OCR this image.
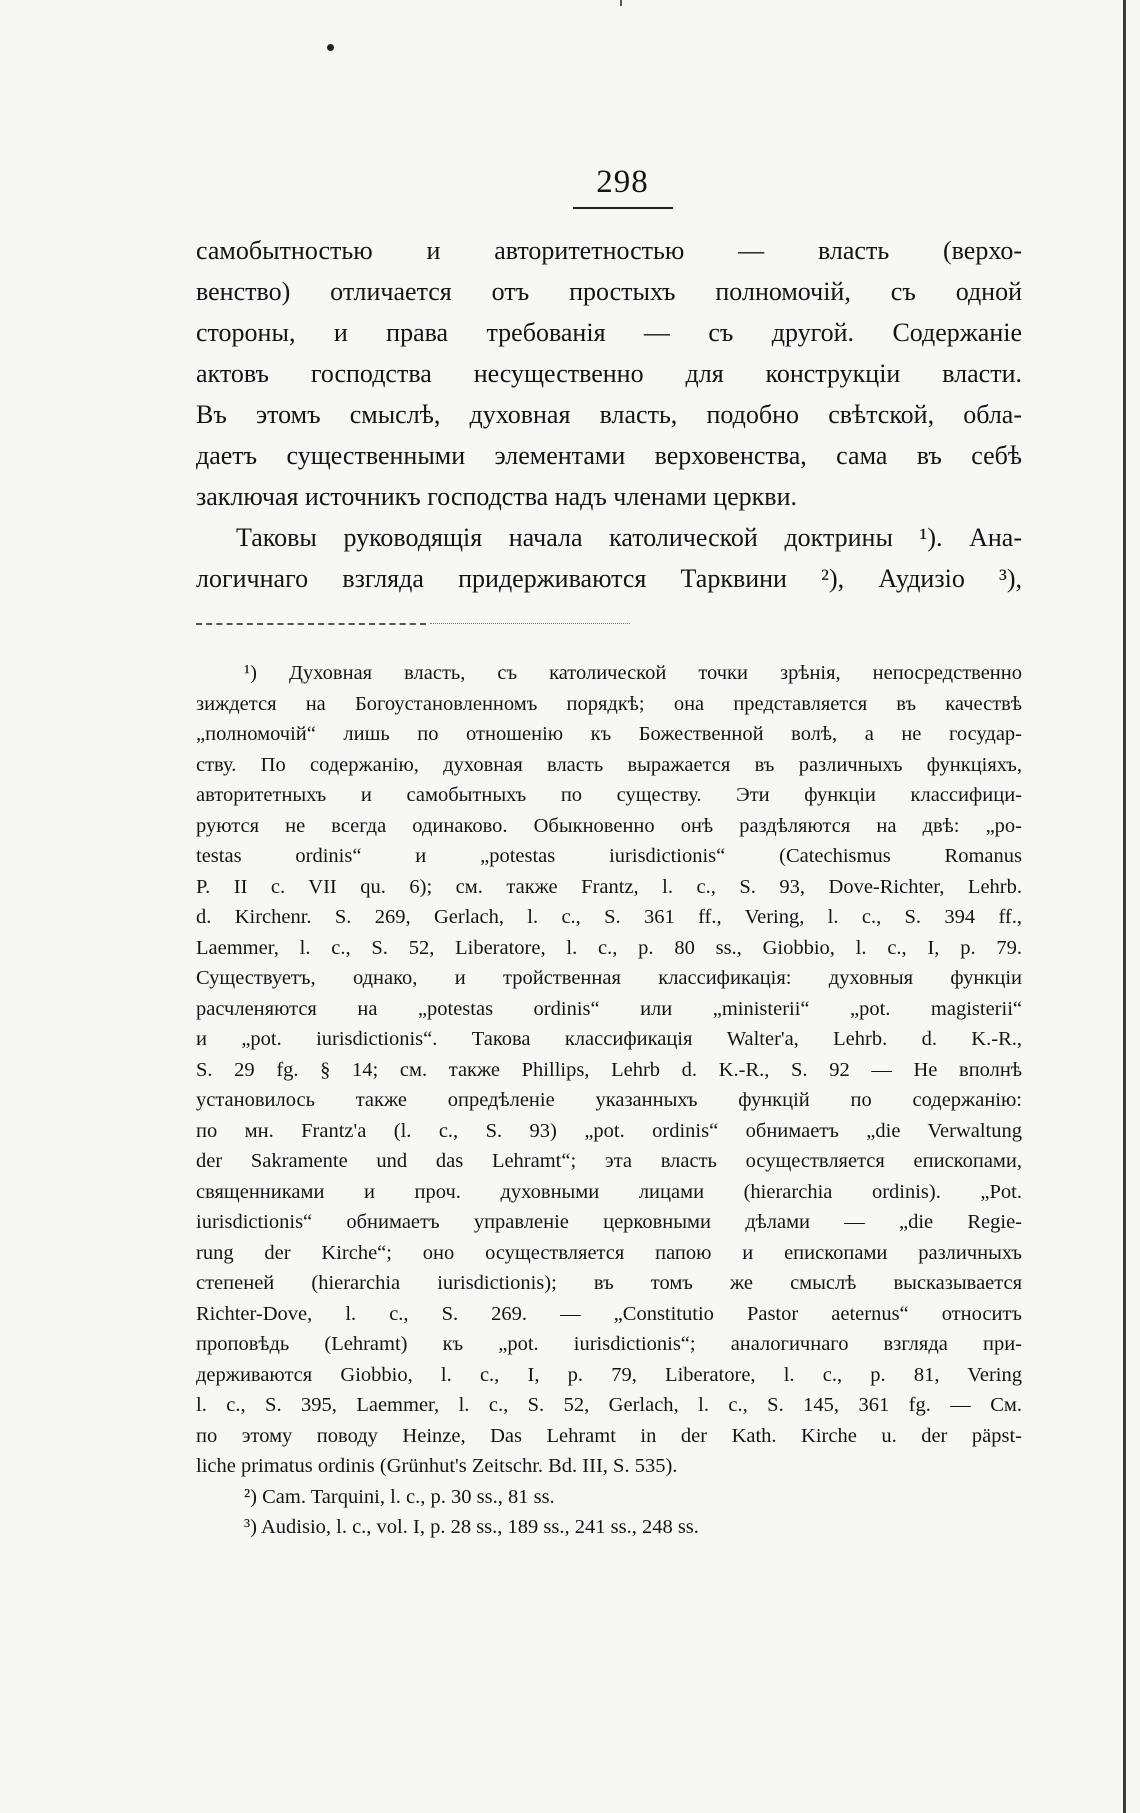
298
самобытностью и авторитетностью — власть (верхо-
венство) отличается отъ простыхъ полномочій, съ одной
стороны, и права требованія — съ другой. Содержаніе
актовъ господства несущественно для конструкціи власти.
Въ этомъ смыслѣ, духовная власть, подобно свѣтской, обла-
даетъ существенными элементами верховенства, сама въ себѣ
заключая источникъ господства надъ членами церкви.
Таковы руководящія начала католической доктрины ¹). Ана-
логичнаго взгляда придерживаются Тарквини ²), Аудизіо ³),
¹) Духовная власть, съ католической точки зрѣнія, непосредственно
зиждется на Богоустановленномъ порядкѣ; она представляется въ качествѣ
„полномочій“ лишь по отношенію къ Божественной волѣ, а не государ-
ству. По содержанію, духовная власть выражается въ различныхъ функціяхъ,
авторитетныхъ и самобытныхъ по существу. Эти функціи классифици-
руются не всегда одинаково. Обыкновенно онѣ раздѣляются на двѣ: „po-
testas ordinis“ и „potestas iurisdictionis“ (Catechismus Romanus
P. II c. VII qu. 6); см. также Frantz, l. c., S. 93, Dove-Richter, Lehrb.
d. Kirchenr. S. 269, Gerlach, l. c., S. 361 ff., Vering, l. c., S. 394 ff.,
Laemmer, l. c., S. 52, Liberatore, l. c., p. 80 ss., Giobbio, l. c., I, p. 79.
Существуетъ, однако, и тройственная классификація: духовныя функціи
расчленяются на „potestas ordinis“ или „ministerii“ „pot. magisterii“
и „pot. iurisdictionis“. Такова классификація Walter'a, Lehrb. d. K.-R.,
S. 29 fg. § 14; см. также Phillips, Lehrb d. K.-R., S. 92 — Не вполнѣ
установилось также опредѣленіе указанныхъ функцій по содержанію:
по мн. Frantz'a (l. c., S. 93) „pot. ordinis“ обнимаетъ „die Verwaltung
der Sakramente und das Lehramt“; эта власть осуществляется епископами,
священниками и проч. духовными лицами (hierarchia ordinis). „Pot.
iurisdictionis“ обнимаетъ управленіе церковными дѣлами — „die Regie-
rung der Kirche“; оно осуществляется папою и епископами различныхъ
степеней (hierarchia iurisdictionis); въ томъ же смыслѣ высказывается
Richter-Dove, l. c., S. 269. — „Constitutio Pastor aeternus“ относитъ
проповѣдь (Lehramt) къ „pot. iurisdictionis“; аналогичнаго взгляда при-
держиваются Giobbio, l. c., I, p. 79, Liberatore, l. c., p. 81, Vering
l. c., S. 395, Laemmer, l. c., S. 52, Gerlach, l. c., S. 145, 361 fg. — См.
по этому поводу Heinze, Das Lehramt in der Kath. Kirche u. der päpst-
liche primatus ordinis (Grünhut's Zeitschr. Bd. III, S. 535).
²) Cam. Tarquini, l. c., p. 30 ss., 81 ss.
³) Audisio, l. c., vol. I, p. 28 ss., 189 ss., 241 ss., 248 ss.
